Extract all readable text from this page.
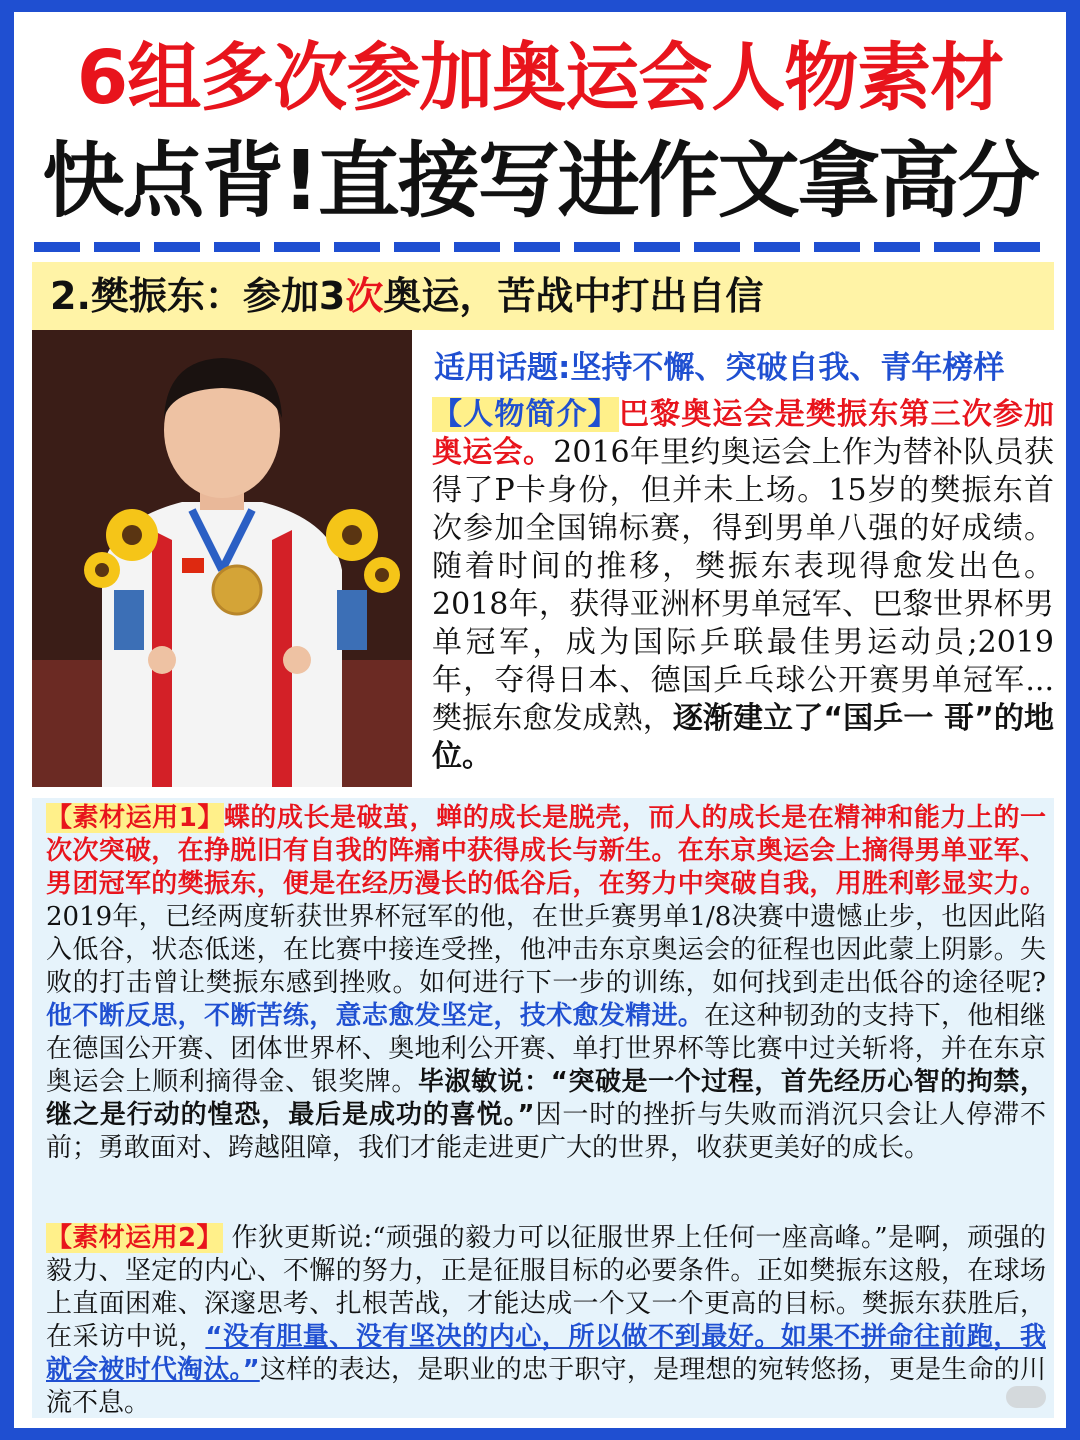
6组多次参加奥运会人物素材
快点背!直接写进作文拿高分
2.樊振东：参加3次奥运，苦战中打出自信
适用话题:坚持不懈、突破自我、青年榜样
【人物简介】巴黎奥运会是樊振东第三次参加奥运会。2016年里约奥运会上作为替补队员获得了P卡身份，但并未上场。15岁的樊振东首次参加全国锦标赛，得到男单八强的好成绩。随着时间的推移，樊振东表现得愈发出色。2018年，获得亚洲杯男单冠军、巴黎世界杯男单冠军，成为国际乒联最佳男运动员;2019年，夺得日本、德国乒乓球公开赛男单冠军...樊振东愈发成熟，逐渐建立了“国乒一 哥”的地位。
【素材运用1】蝶的成长是破茧，蝉的成长是脱壳，而人的成长是在精神和能力上的一次次突破，在挣脱旧有自我的阵痛中获得成长与新生。在东京奥运会上摘得男单亚军、男团冠军的樊振东，便是在经历漫长的低谷后，在努力中突破自我，用胜利彰显实力。2019年，已经两度斩获世界杯冠军的他，在世乒赛男单1/8决赛中遗憾止步，也因此陷入低谷，状态低迷，在比赛中接连受挫，他冲击东京奥运会的征程也因此蒙上阴影。失败的打击曾让樊振东感到挫败。如何进行下一步的训练，如何找到走出低谷的途径呢?他不断反思，不断苦练，意志愈发坚定，技术愈发精进。在这种韧劲的支持下，他相继在德国公开赛、团体世界杯、奥地利公开赛、单打世界杯等比赛中过关斩将，并在东京奥运会上顺利摘得金、银奖牌。毕淑敏说：“突破是一个过程，首先经历心智的拘禁，继之是行动的惶恐，最后是成功的喜悦。”因一时的挫折与失败而消沉只会让人停滞不前；勇敢面对、跨越阻障，我们才能走进更广大的世界，收获更美好的成长。
【素材运用2】 作狄更斯说:“顽强的毅力可以征服世界上任何一座高峰。”是啊，顽强的毅力、坚定的内心、不懈的努力，正是征服目标的必要条件。正如樊振东这般，在球场上直面困难、深邃思考、扎根苦战，才能达成一个又一个更高的目标。樊振东获胜后，在采访中说，“没有胆量、没有坚决的内心，所以做不到最好。如果不拼命往前跑，我就会被时代淘汰。”这样的表达，是职业的忠于职守，是理想的宛转悠扬，更是生命的川流不息。
